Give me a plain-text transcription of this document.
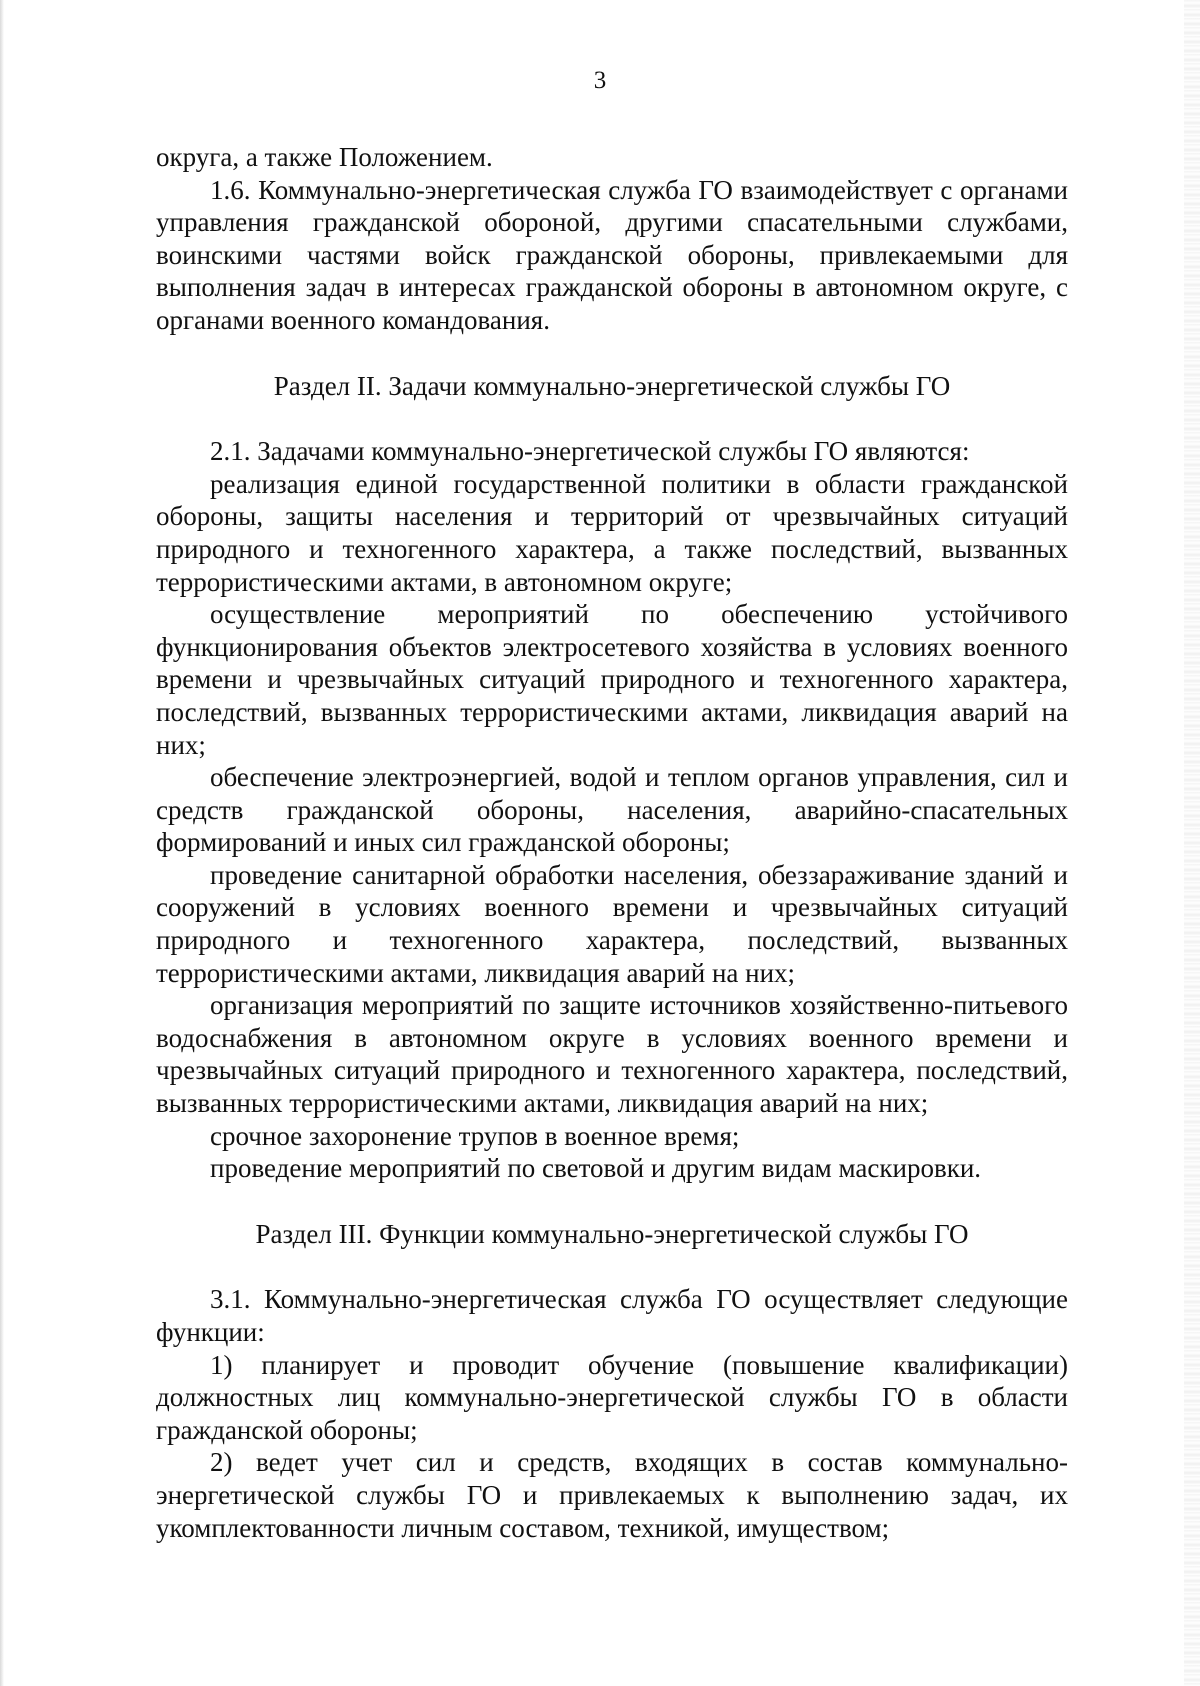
3

округа, а также Положением.

1.6. Коммунально-энергетическая служба ГО взаимодействует с органами управления гражданской обороной, другими спасательными службами, воинскими частями войск гражданской обороны, привлекаемыми для выполнения задач в интересах гражданской обороны в автономном округе, с органами военного командования.

Раздел II. Задачи коммунально-энергетической службы ГО

2.1. Задачами коммунально-энергетической службы ГО являются:

реализация единой государственной политики в области гражданской обороны, защиты населения и территорий от чрезвычайных ситуаций природного и техногенного характера, а также последствий, вызванных террористическими актами, в автономном округе;

осуществление мероприятий по обеспечению устойчивого функционирования объектов электросетевого хозяйства в условиях военного времени и чрезвычайных ситуаций природного и техногенного характера, последствий, вызванных террористическими актами, ликвидация аварий на них;

обеспечение электроэнергией, водой и теплом органов управления, сил и средств гражданской обороны, населения, аварийно-спасательных формирований и иных сил гражданской обороны;

проведение санитарной обработки населения, обеззараживание зданий и сооружений в условиях военного времени и чрезвычайных ситуаций природного и техногенного характера, последствий, вызванных террористическими актами, ликвидация аварий на них;

организация мероприятий по защите источников хозяйственно-питьевого водоснабжения в автономном округе в условиях военного времени и чрезвычайных ситуаций природного и техногенного характера, последствий, вызванных террористическими актами, ликвидация аварий на них;

срочное захоронение трупов в военное время;

проведение мероприятий по световой и другим видам маскировки.

Раздел III. Функции коммунально-энергетической службы ГО

3.1. Коммунально-энергетическая служба ГО осуществляет следующие функции:

1) планирует и проводит обучение (повышение квалификации) должностных лиц коммунально-энергетической службы ГО в области гражданской обороны;

2) ведет учет сил и средств, входящих в состав коммунально-энергетической службы ГО и привлекаемых к выполнению задач, их укомплектованности личным составом, техникой, имуществом;
